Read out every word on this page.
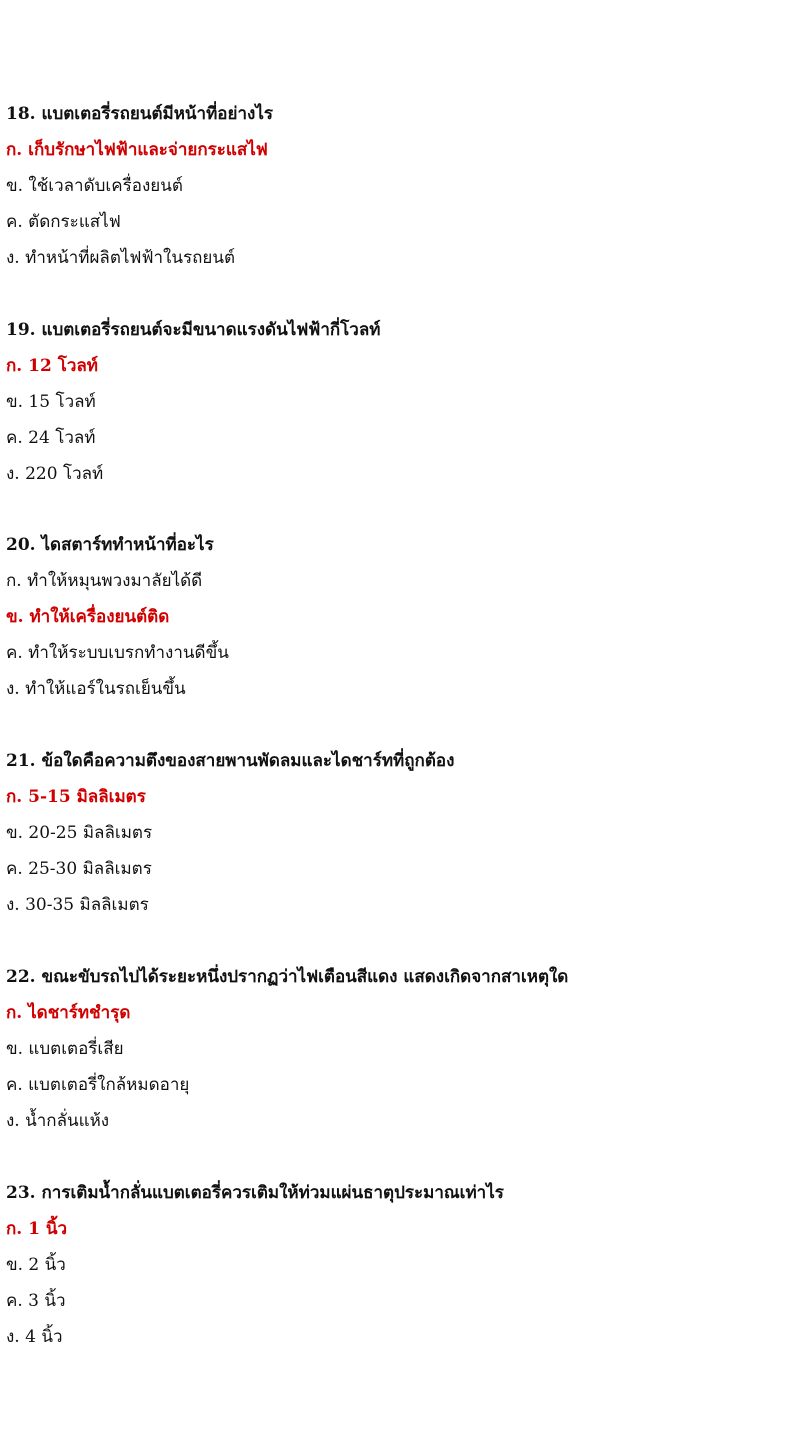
18. แบตเตอรี่รถยนต์มีหน้าที่อย่างไร
ก. เก็บรักษาไฟฟ้าและจ่ายกระแสไฟ
ข. ใช้เวลาดับเครื่องยนต์
ค. ตัดกระแสไฟ
ง. ทำหน้าที่ผลิตไฟฟ้าในรถยนต์
19. แบตเตอรี่รถยนต์จะมีขนาดแรงดันไฟฟ้ากี่โวลท์
ก. 12 โวลท์
ข. 15 โวลท์
ค. 24 โวลท์
ง. 220 โวลท์
20. ไดสตาร์ททำหน้าที่อะไร
ก. ทำให้หมุนพวงมาลัยได้ดี
ข. ทำให้เครื่องยนต์ติด
ค. ทำให้ระบบเบรกทำงานดีขึ้น
ง. ทำให้แอร์ในรถเย็นขึ้น
21. ข้อใดคือความตึงของสายพานพัดลมและไดชาร์ทที่ถูกต้อง
ก. 5-15 มิลลิเมตร
ข. 20-25 มิลลิเมตร
ค. 25-30 มิลลิเมตร
ง. 30-35 มิลลิเมตร
22. ขณะขับรถไปได้ระยะหนึ่งปรากฏว่าไฟเตือนสีแดง แสดงเกิดจากสาเหตุใด
ก. ไดชาร์ทชำรุด
ข. แบตเตอรี่เสีย
ค. แบตเตอรี่ใกล้หมดอายุ
ง. น้ำกลั่นแห้ง
23. การเติมน้ำกลั่นแบตเตอรี่ควรเติมให้ท่วมแผ่นธาตุประมาณเท่าไร
ก. 1 นิ้ว
ข. 2 นิ้ว
ค. 3 นิ้ว
ง. 4 นิ้ว
